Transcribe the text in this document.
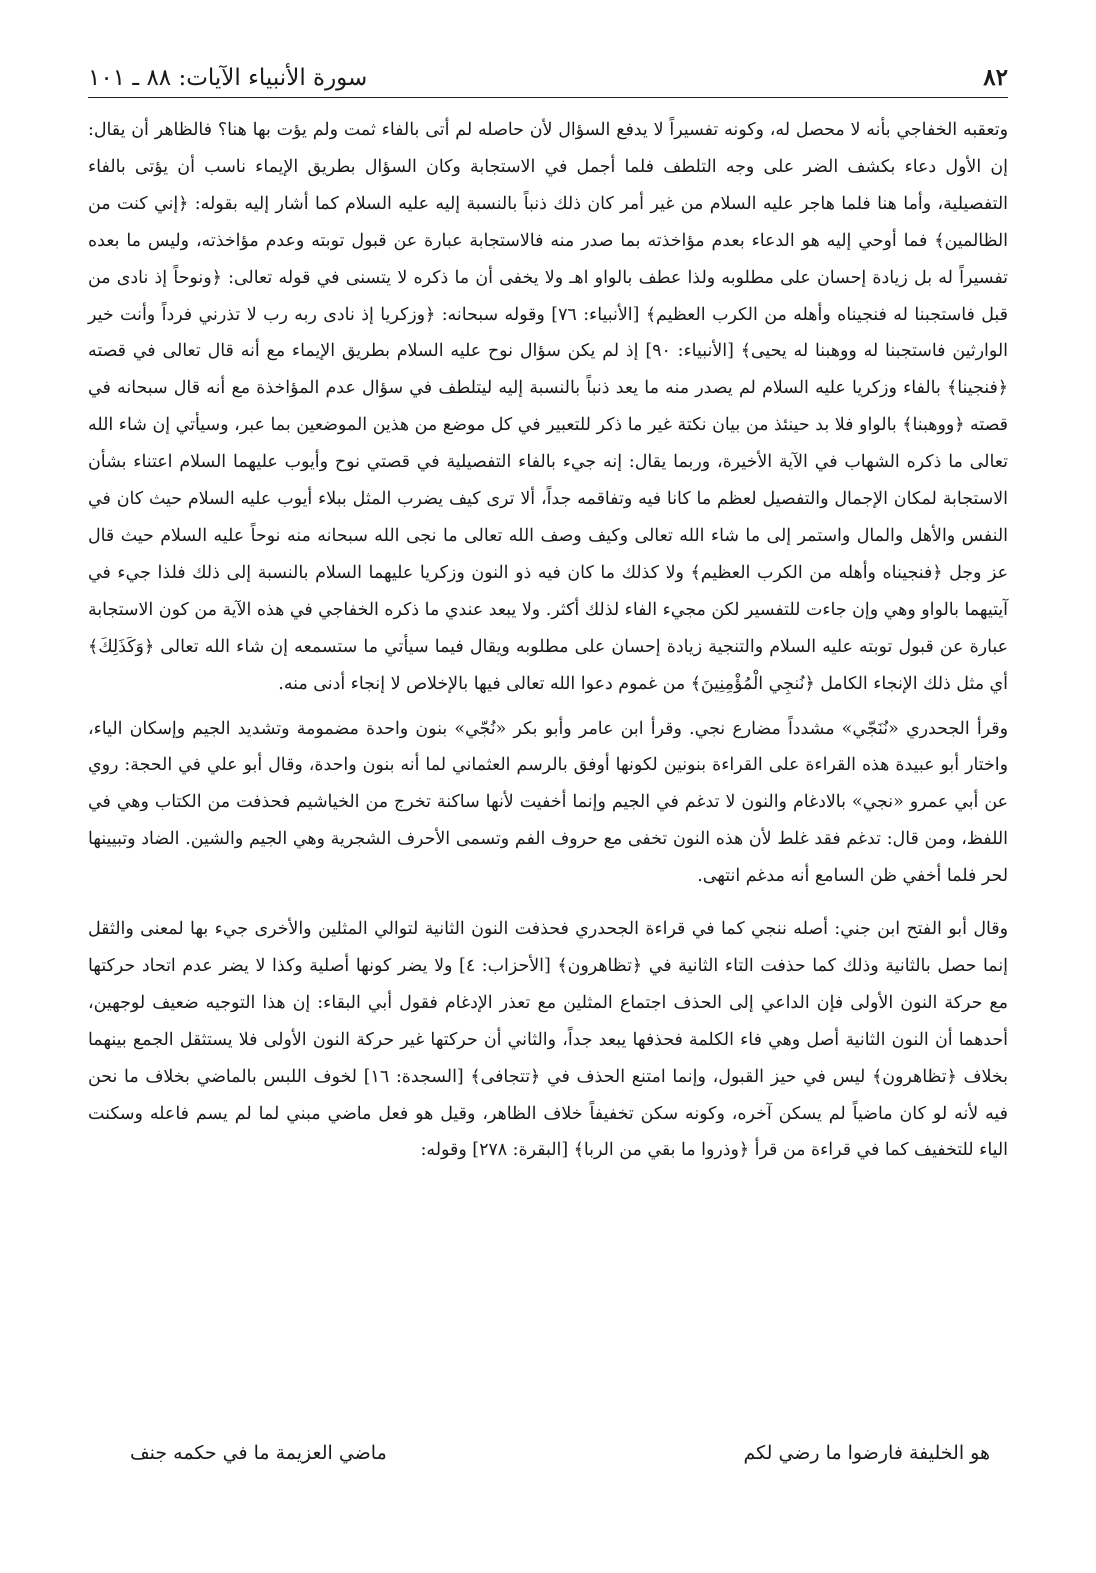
٨٢
سورة الأنبياء الآيات: ٨٨ ـ ١٠١

وتعقبه الخفاجي بأنه لا محصل له، وكونه تفسيراً لا يدفع السؤال لأن حاصله لم أتى بالفاء ثمت ولم يؤت بها هنا؟ فالظاهر أن يقال: إن الأول دعاء بكشف الضر على وجه التلطف فلما أجمل في الاستجابة وكان السؤال بطريق الإيماء ناسب أن يؤتى بالفاء التفصيلية، وأما هنا فلما هاجر عليه السلام من غير أمر كان ذلك ذنباً بالنسبة إليه عليه السلام كما أشار إليه بقوله: ﴿إني كنت من الظالمين﴾ فما أوحي إليه هو الدعاء بعدم مؤاخذته بما صدر منه فالاستجابة عبارة عن قبول توبته وعدم مؤاخذته، وليس ما بعده تفسيراً له بل زيادة إحسان على مطلوبه ولذا عطف بالواو اهـ ولا يخفى أن ما ذكره لا يتسنى في قوله تعالى: ﴿ونوحاً إذ نادى من قبل فاستجبنا له فنجيناه وأهله من الكرب العظيم﴾ [الأنبياء: ٧٦] وقوله سبحانه: ﴿وزكريا إذ نادى ربه رب لا تذرني فرداً وأنت خير الوارثين فاستجبنا له ووهبنا له يحيى﴾ [الأنبياء: ٩٠] إذ لم يكن سؤال نوح عليه السلام بطريق الإيماء مع أنه قال تعالى في قصته ﴿فنجينا﴾ بالفاء وزكريا عليه السلام لم يصدر منه ما يعد ذنباً بالنسبة إليه ليتلطف في سؤال عدم المؤاخذة مع أنه قال سبحانه في قصته ﴿ووهبنا﴾ بالواو فلا بد حينئذ من بيان نكتة غير ما ذكر للتعبير في كل موضع من هذين الموضعين بما عبر، وسيأتي إن شاء الله تعالى ما ذكره الشهاب في الآية الأخيرة، وربما يقال: إنه جيء بالفاء التفصيلية في قصتي نوح وأيوب عليهما السلام اعتناء بشأن الاستجابة لمكان الإجمال والتفصيل لعظم ما كانا فيه وتفاقمه جداً، ألا ترى كيف يضرب المثل ببلاء أيوب عليه السلام حيث كان في النفس والأهل والمال واستمر إلى ما شاء الله تعالى وكيف وصف الله تعالى ما نجى الله سبحانه منه نوحاً عليه السلام حيث قال عز وجل ﴿فنجيناه وأهله من الكرب العظيم﴾ ولا كذلك ما كان فيه ذو النون وزكريا عليهما السلام بالنسبة إلى ذلك فلذا جيء في آيتيهما بالواو وهي وإن جاءت للتفسير لكن مجيء الفاء لذلك أكثر. ولا يبعد عندي ما ذكره الخفاجي في هذه الآية من كون الاستجابة عبارة عن قبول توبته عليه السلام والتنجية زيادة إحسان على مطلوبه ويقال فيما سيأتي ما ستسمعه إن شاء الله تعالى ﴿وَكَذَلِكَ﴾ أي مثل ذلك الإنجاء الكامل ﴿نُنجِي الْمُؤْمِنِينَ﴾ من غموم دعوا الله تعالى فيها بالإخلاص لا إنجاء أدنى منه.

وقرأ الجحدري «نُنَجّي» مشدداً مضارع نجي. وقرأ ابن عامر وأبو بكر «نُجّي» بنون واحدة مضمومة وتشديد الجيم وإسكان الياء، واختار أبو عبيدة هذه القراءة على القراءة بنونين لكونها أوفق بالرسم العثماني لما أنه بنون واحدة، وقال أبو علي في الحجة: روي عن أبي عمرو «نجي» بالادغام والنون لا تدغم في الجيم وإنما أخفيت لأنها ساكنة تخرج من الخياشيم فحذفت من الكتاب وهي في اللفظ، ومن قال: تدغم فقد غلط لأن هذه النون تخفى مع حروف الفم وتسمى الأحرف الشجرية وهي الجيم والشين. الضاد وتبيينها لحر فلما أخفي ظن السامع أنه مدغم انتهى.

وقال أبو الفتح ابن جني: أصله ننجي كما في قراءة الجحدري فحذفت النون الثانية لتوالي المثلين والأخرى جيء بها لمعنى والثقل إنما حصل بالثانية وذلك كما حذفت التاء الثانية في ﴿تظاهرون﴾ [الأحزاب: ٤] ولا يضر كونها أصلية وكذا لا يضر عدم اتحاد حركتها مع حركة النون الأولى فإن الداعي إلى الحذف اجتماع المثلين مع تعذر الإدغام فقول أبي البقاء: إن هذا التوجيه ضعيف لوجهين، أحدهما أن النون الثانية أصل وهي فاء الكلمة فحذفها يبعد جداً، والثاني أن حركتها غير حركة النون الأولى فلا يستثقل الجمع بينهما بخلاف ﴿تظاهرون﴾ ليس في حيز القبول، وإنما امتنع الحذف في ﴿تتجافى﴾ [السجدة: ١٦] لخوف اللبس بالماضي بخلاف ما نحن فيه لأنه لو كان ماضياً لم يسكن آخره، وكونه سكن تخفيفاً خلاف الظاهر، وقيل هو فعل ماضي مبني لما لم يسم فاعله وسكنت الياء للتخفيف كما في قراءة من قرأ ﴿وذروا ما بقي من الربا﴾ [البقرة: ٢٧٨] وقوله:

هو الخليفة فارضوا ما رضي لكم
ماضي العزيمة ما في حكمه جنف
